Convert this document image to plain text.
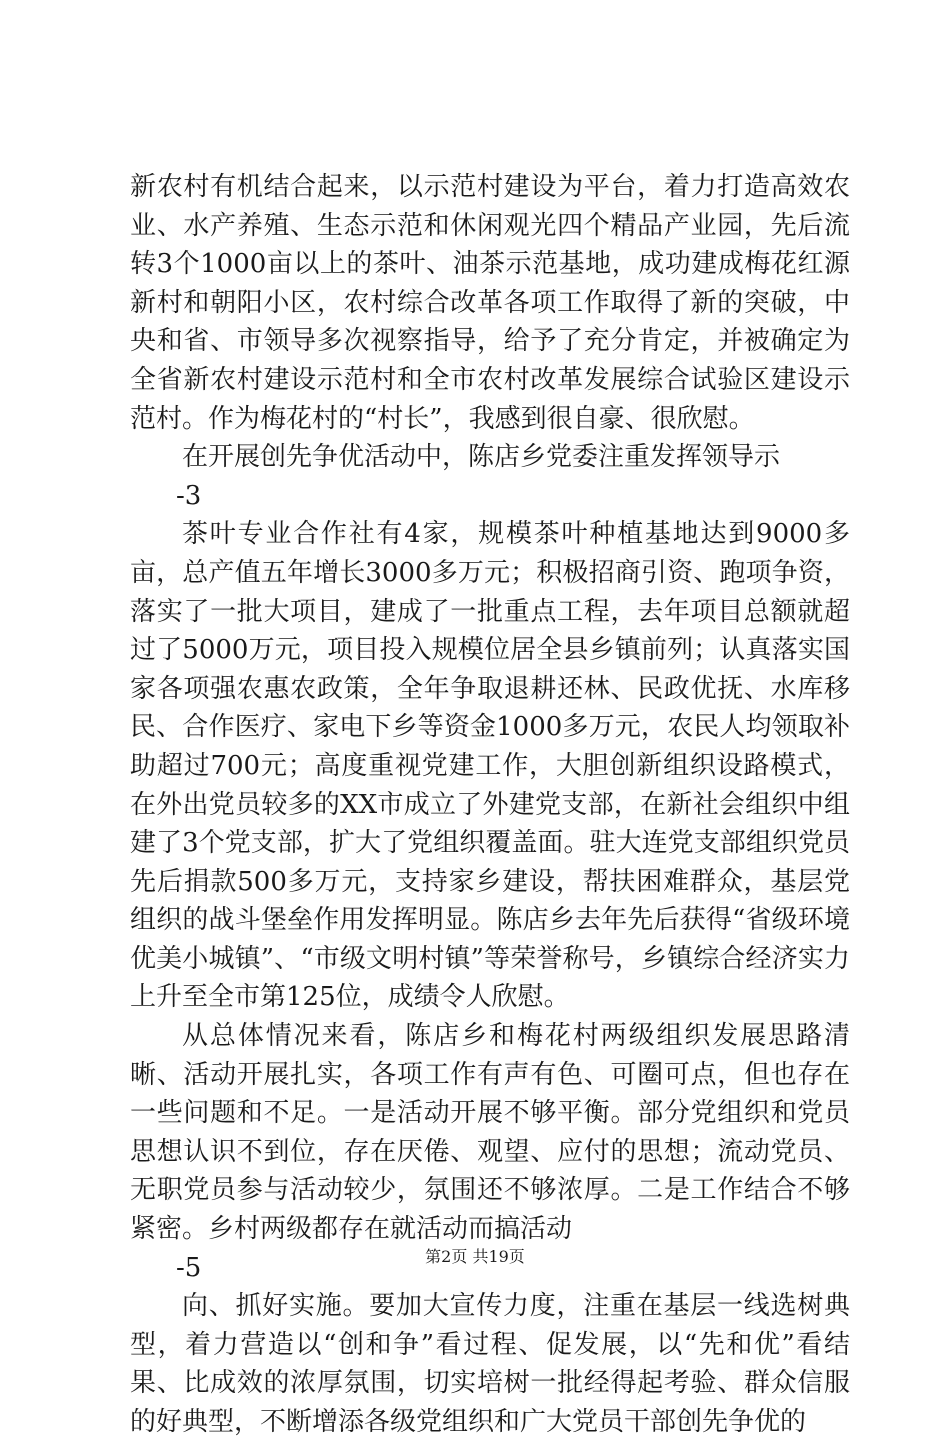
新农村有机结合起来，以示范村建设为平台，着力打造高效农业、水产养殖、生态示范和休闲观光四个精品产业园，先后流转3个1000亩以上的茶叶、油茶示范基地，成功建成梅花红源新村和朝阳小区，农村综合改革各项工作取得了新的突破，中央和省、市领导多次视察指导，给予了充分肯定，并被确定为全省新农村建设示范村和全市农村改革发展综合试验区建设示范村。作为梅花村的“村长”，我感到很自豪、很欣慰。

在开展创先争优活动中，陈店乡党委注重发挥领导示

-3

茶叶专业合作社有4家，规模茶叶种植基地达到9000多亩，总产值五年增长3000多万元；积极招商引资、跑项争资，落实了一批大项目，建成了一批重点工程，去年项目总额就超过了5000万元，项目投入规模位居全县乡镇前列；认真落实国家各项强农惠农政策，全年争取退耕还林、民政优抚、水库移民、合作医疗、家电下乡等资金1000多万元，农民人均领取补助超过700元；高度重视党建工作，大胆创新组织设路模式，在外出党员较多的XX市成立了外建党支部，在新社会组织中组建了3个党支部，扩大了党组织覆盖面。驻大连党支部组织党员先后捐款500多万元，支持家乡建设，帮扶困难群众，基层党组织的战斗堡垒作用发挥明显。陈店乡去年先后获得“省级环境优美小城镇”、“市级文明村镇”等荣誉称号，乡镇综合经济实力上升至全市第125位，成绩令人欣慰。

从总体情况来看，陈店乡和梅花村两级组织发展思路清晰、活动开展扎实，各项工作有声有色、可圈可点，但也存在一些问题和不足。一是活动开展不够平衡。部分党组织和党员思想认识不到位，存在厌倦、观望、应付的思想；流动党员、无职党员参与活动较少，氛围还不够浓厚。二是工作结合不够紧密。乡村两级都存在就活动而搞活动

-5

向、抓好实施。要加大宣传力度，注重在基层一线选树典型，着力营造以“创和争”看过程、促发展，以“先和优”看结果、比成效的浓厚氛围，切实培树一批经得起考验、群众信服的好典型，不断增添各级党组织和广大党员干部创先争优的

第2页 共19页
